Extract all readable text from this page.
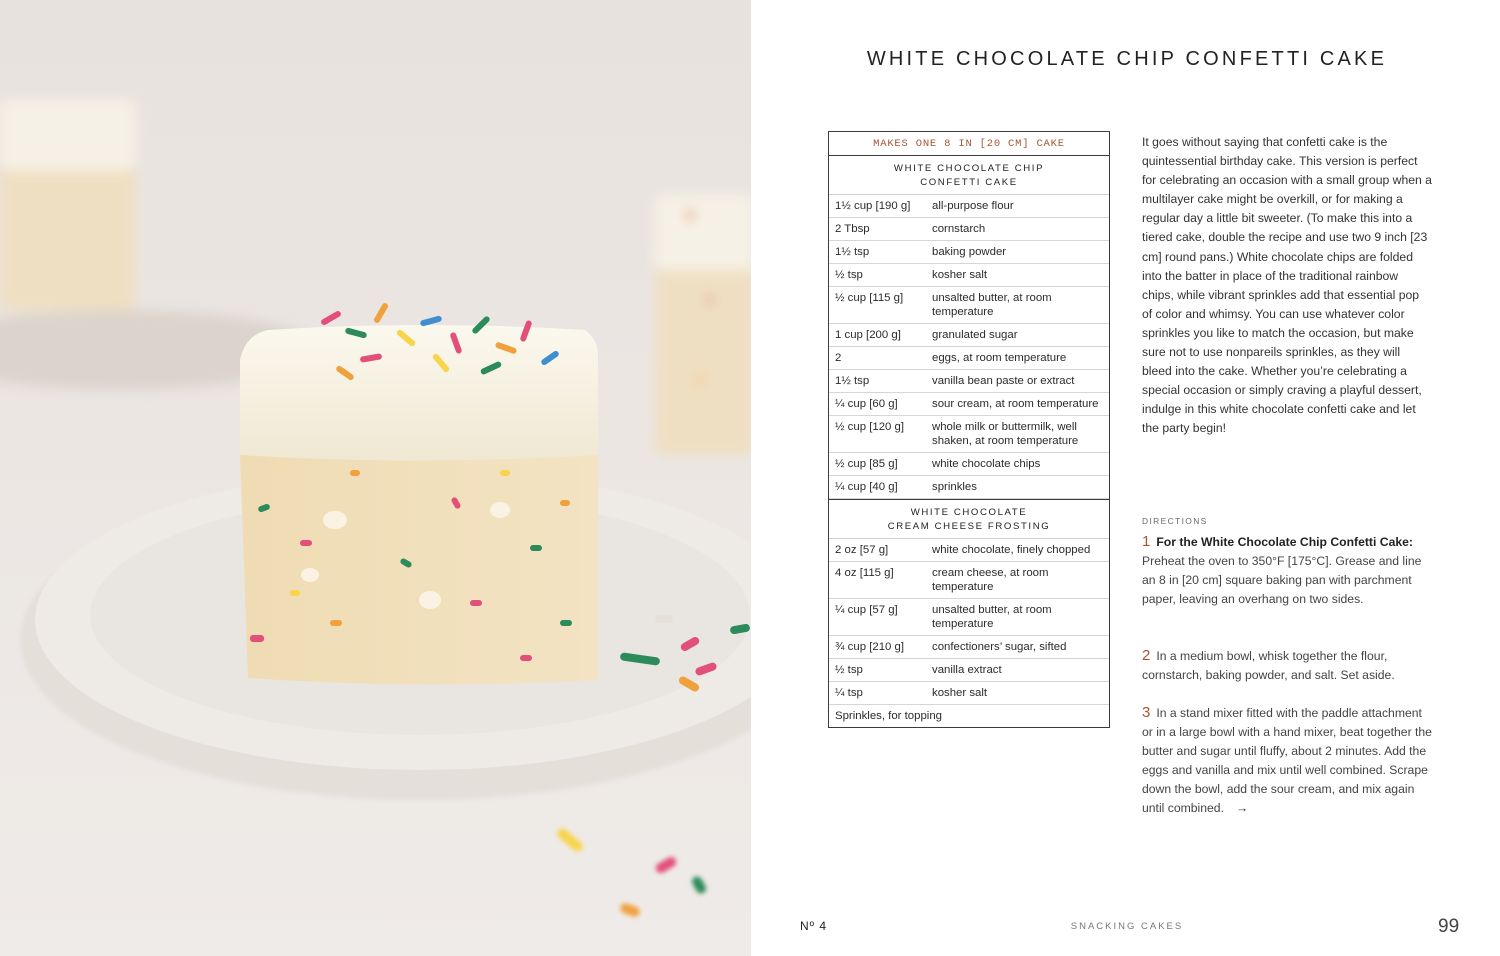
WHITE CHOCOLATE CHIP CONFETTI CAKE
MAKES ONE 8 IN [20 CM] CAKE
WHITE CHOCOLATE CHIP
CONFETTI CAKE
1½ cup [190 g]	all-purpose flour
2 Tbsp	cornstarch
1½ tsp	baking powder
½ tsp	kosher salt
½ cup [115 g]	unsalted butter, at room temperature
1 cup [200 g]	granulated sugar
2	eggs, at room temperature
1½ tsp	vanilla bean paste or extract
¼ cup [60 g]	sour cream, at room temperature
½ cup [120 g]	whole milk or buttermilk, well shaken, at room temperature
½ cup [85 g]	white chocolate chips
¼ cup [40 g]	sprinkles
WHITE CHOCOLATE
CREAM CHEESE FROSTING
2 oz [57 g]	white chocolate, finely chopped
4 oz [115 g]	cream cheese, at room temperature
¼ cup [57 g]	unsalted butter, at room temperature
¾ cup [210 g]	confectioners’ sugar, sifted
½ tsp	vanilla extract
¼ tsp	kosher salt
Sprinkles, for topping
It goes without saying that confetti cake is the quintessential birthday cake. This version is perfect for celebrating an occasion with a small group when a multilayer cake might be overkill, or for making a regular day a little bit sweeter. (To make this into a tiered cake, double the recipe and use two 9 inch [23 cm] round pans.) White chocolate chips are folded into the batter in place of the traditional rainbow chips, while vibrant sprinkles add that essential pop of color and whimsy. You can use whatever color sprinkles you like to match the occasion, but make sure not to use nonpareils sprinkles, as they will bleed into the cake. Whether you’re celebrating a special occasion or simply craving a playful dessert, indulge in this white chocolate confetti cake and let the party begin!
DIRECTIONS
1 For the White Chocolate Chip Confetti Cake: Preheat the oven to 350°F [175°C]. Grease and line an 8 in [20 cm] square baking pan with parchment paper, leaving an overhang on two sides.
2 In a medium bowl, whisk together the flour, cornstarch, baking powder, and salt. Set aside.
3 In a stand mixer fitted with the paddle attachment or in a large bowl with a hand mixer, beat together the butter and sugar until fluffy, about 2 minutes. Add the eggs and vanilla and mix until well combined. Scrape down the bowl, add the sour cream, and mix again until combined. →
Nº 4	SNACKING CAKES	99
